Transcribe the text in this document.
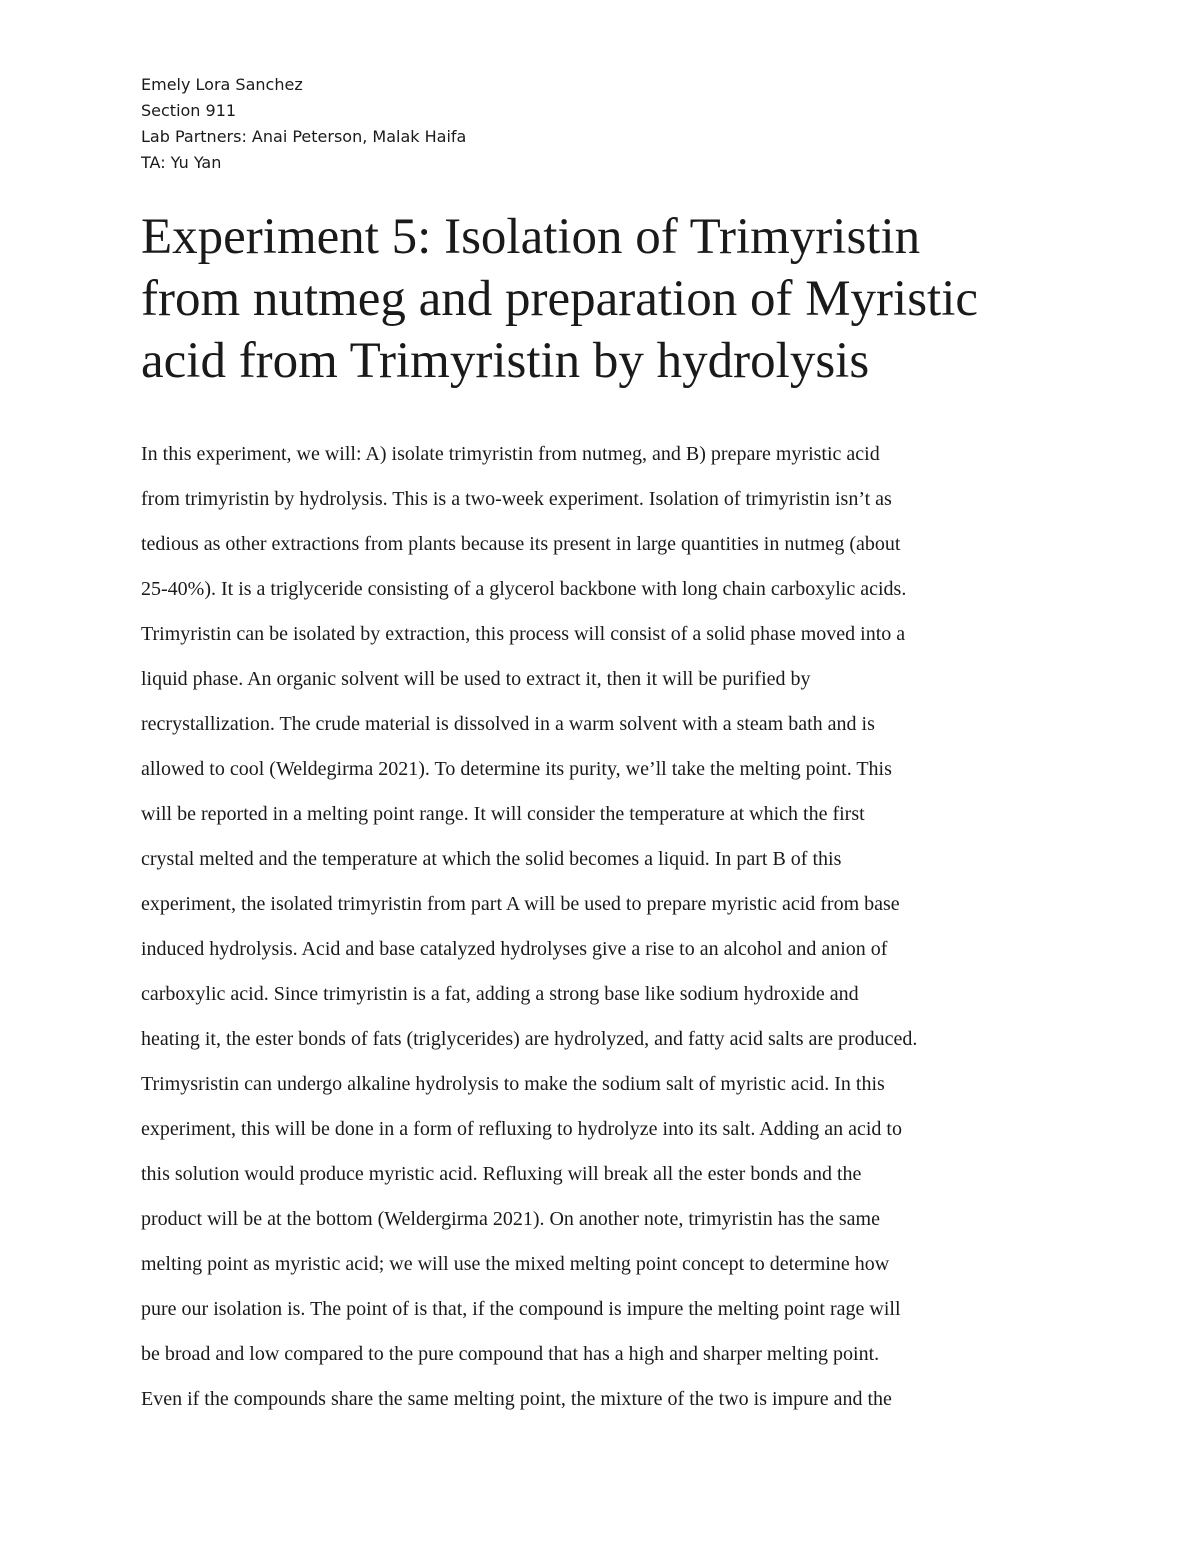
Emely Lora Sanchez
Section 911
Lab Partners: Anai Peterson, Malak Haifa
TA: Yu Yan
Experiment 5: Isolation of Trimyristin
from nutmeg and preparation of Myristic
acid from Trimyristin by hydrolysis
In this experiment, we will: A) isolate trimyristin from nutmeg, and B) prepare myristic acid
from trimyristin by hydrolysis. This is a two-week experiment. Isolation of trimyristin isn’t as
tedious as other extractions from plants because its present in large quantities in nutmeg (about
25-40%). It is a triglyceride consisting of a glycerol backbone with long chain carboxylic acids.
Trimyristin can be isolated by extraction, this process will consist of a solid phase moved into a
liquid phase. An organic solvent will be used to extract it, then it will be purified by
recrystallization. The crude material is dissolved in a warm solvent with a steam bath and is
allowed to cool (Weldegirma 2021). To determine its purity, we’ll take the melting point. This
will be reported in a melting point range. It will consider the temperature at which the first
crystal melted and the temperature at which the solid becomes a liquid. In part B of this
experiment, the isolated trimyristin from part A will be used to prepare myristic acid from base
induced hydrolysis. Acid and base catalyzed hydrolyses give a rise to an alcohol and anion of
carboxylic acid. Since trimyristin is a fat, adding a strong base like sodium hydroxide and
heating it, the ester bonds of fats (triglycerides) are hydrolyzed, and fatty acid salts are produced.
Trimysristin can undergo alkaline hydrolysis to make the sodium salt of myristic acid. In this
experiment, this will be done in a form of refluxing to hydrolyze into its salt. Adding an acid to
this solution would produce myristic acid. Refluxing will break all the ester bonds and the
product will be at the bottom (Weldergirma 2021). On another note, trimyristin has the same
melting point as myristic acid; we will use the mixed melting point concept to determine how
pure our isolation is. The point of is that, if the compound is impure the melting point rage will
be broad and low compared to the pure compound that has a high and sharper melting point.
Even if the compounds share the same melting point, the mixture of the two is impure and the
